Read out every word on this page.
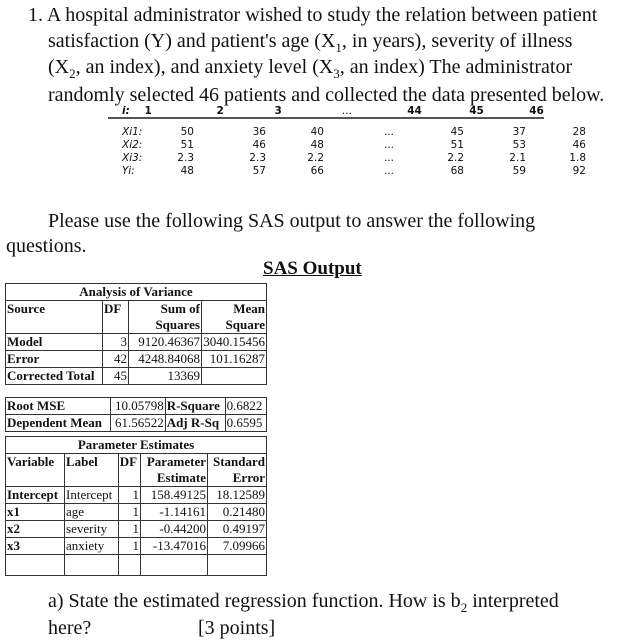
1. A hospital administrator wished to study the relation between patient
satisfaction (Y) and patient's age ($X_1$, in years), severity of illness
($X_2$, an index), and anxiety level ($X_3$, an index) The administrator
randomly selected 46 patients and collected the data presented below.
i:	1	2	3	...	44	45	46
Xi1:	50	36	40	...	45	37	28
Xi2:	51	46	48	...	51	53	46
Xi3:	2.3	2.3	2.2	...	2.2	2.1	1.8
Yi:	48	57	66	...	68	59	92
Please use the following SAS output to answer the following
questions.
SAS Output
Analysis of Variance			
Source	DF	Sum of Squares	Mean Square
Model	3	9120.46367	3040.15456
Error	42	4248.84068	101.16287
Corrected Total	45	13369	
Root MSE	10.05798	R-Square	0.6822
Dependent Mean	61.56522	Adj R-Sq	0.6595
Parameter Estimates				
Variable	Label	DF	Parameter Estimate	Standard Error
Intercept	Intercept	1	158.49125	18.12589
x1	age	1	-1.14161	0.21480
x2	severity	1	-0.44200	0.49197
x3	anxiety	1	-13.47016	7.09966

a) State the estimated regression function. How is $b_2$ interpreted
here?	[3 points]
